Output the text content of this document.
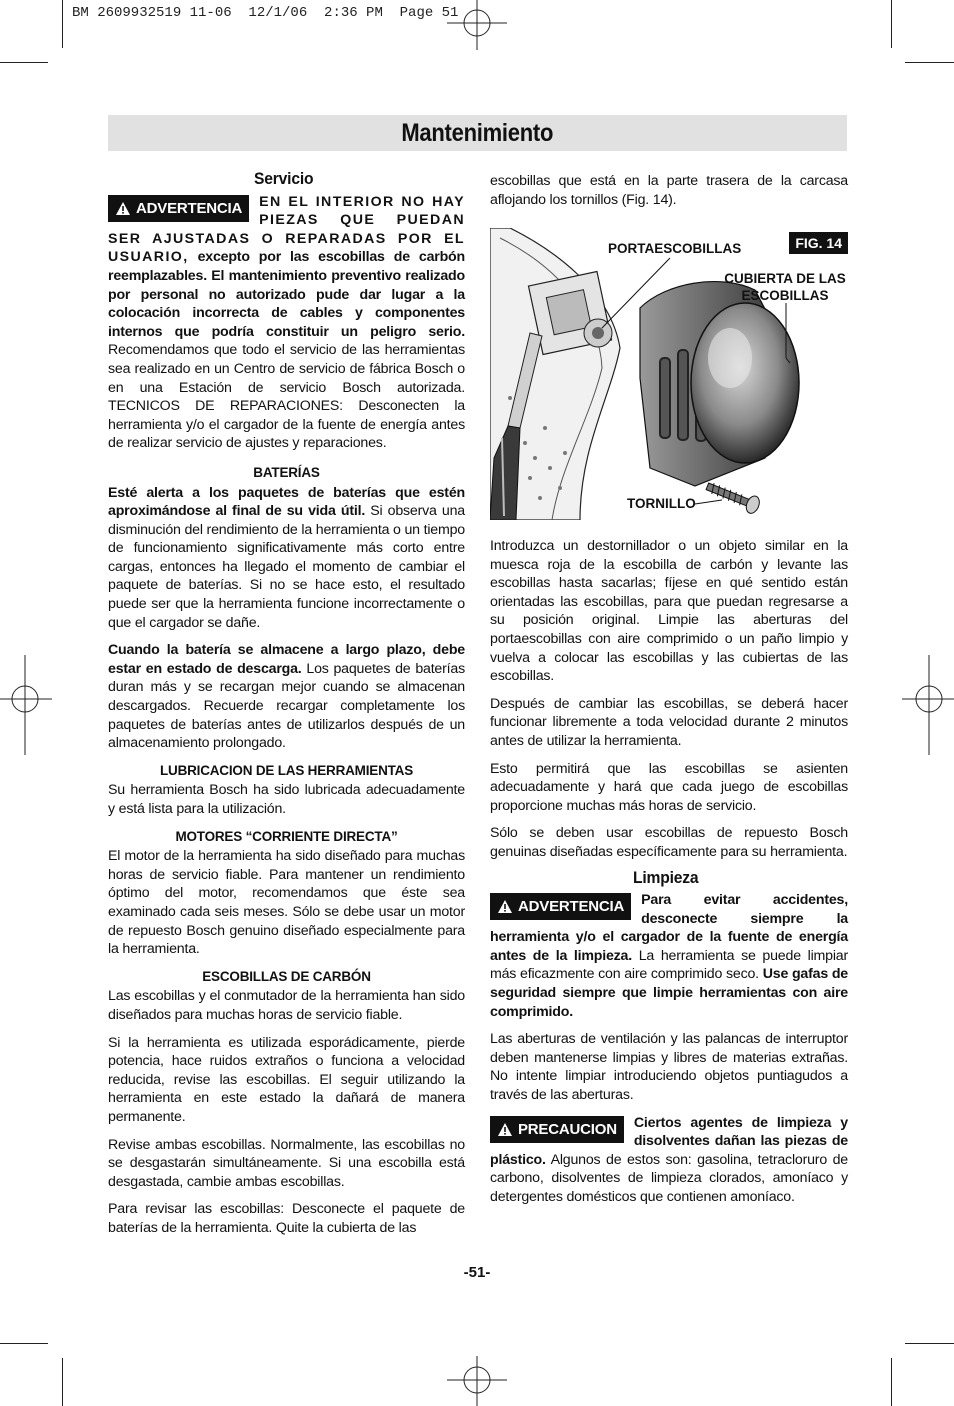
BM 2609932519 11-06  12/1/06  2:36 PM  Page 51
Mantenimiento
Servicio

ADVERTENCIA EN EL INTERIOR NO HAY PIEZAS QUE PUEDAN SER AJUSTADAS O REPARADAS POR EL USUARIO, excepto por las escobillas de carbón reemplazables. El mantenimiento preventivo realizado por personal no autorizado pude dar lugar a la colocación incorrecta de cables y componentes internos que podría constituir un peligro serio. Recomendamos que todo el servicio de las herramientas sea realizado en un Centro de servicio de fábrica Bosch o en una Estación de servicio Bosch autorizada. TECNICOS DE REPARACIONES: Desconecten la herramienta y/o el cargador de la fuente de energía antes de realizar servicio de ajustes y reparaciones.

BATERÍAS

Esté alerta a los paquetes de baterías que estén aproximándose al final de su vida útil. Si observa una disminución del rendimiento de la herramienta o un tiempo de funcionamiento significativamente más corto entre cargas, entonces ha llegado el momento de cambiar el paquete de baterías. Si no se hace esto, el resultado puede ser que la herramienta funcione incorrectamente o que el cargador se dañe.

Cuando la batería se almacene a largo plazo, debe estar en estado de descarga. Los paquetes de baterías duran más y se recargan mejor cuando se almacenan descargados. Recuerde recargar completamente los paquetes de baterías antes de utilizarlos después de un almacenamiento prolongado.

LUBRICACION DE LAS HERRAMIENTAS

Su herramienta Bosch ha sido lubricada adecuadamente y está lista para la utilización.

MOTORES “CORRIENTE DIRECTA”

El motor de la herramienta ha sido diseñado para muchas horas de servicio fiable. Para mantener un rendimiento óptimo del motor, recomendamos que éste sea examinado cada seis meses. Sólo se debe usar un motor de repuesto Bosch genuino diseñado especialmente para la herramienta.

ESCOBILLAS DE CARBÓN

Las escobillas y el conmutador de la herramienta han sido diseñados para muchas horas de servicio fiable.

Si la herramienta es utilizada esporádicamente, pierde potencia, hace ruidos extraños o funciona a velocidad reducida, revise las escobillas. El seguir utilizando la herramienta en este estado la dañará de manera permanente.

Revise ambas escobillas. Normalmente, las escobillas no se desgastarán simultáneamente. Si una escobilla está desgastada, cambie ambas escobillas.

Para revisar las escobillas: Desconecte el paquete de baterías de la herramienta. Quite la cubierta de las

escobillas que está en la parte trasera de la carcasa aflojando los tornillos (Fig. 14).

FIG. 14
PORTAESCOBILLAS
CUBIERTA DE LAS
ESCOBILLAS
TORNILLO

Introduzca un destornillador o un objeto similar en la muesca roja de la escobilla de carbón y levante las escobillas hasta sacarlas; fíjese en qué sentido están orientadas las escobillas, para que puedan regresarse a su posición original. Limpie las aberturas del portaescobillas con aire comprimido o un paño limpio y vuelva a colocar las escobillas y las cubiertas de las escobillas.

Después de cambiar las escobillas, se deberá hacer funcionar libremente a toda velocidad durante 2 minutos antes de utilizar la herramienta.

Esto permitirá que las escobillas se asienten adecuadamente y hará que cada juego de escobillas proporcione muchas más horas de servicio.

Sólo se deben usar escobillas de repuesto Bosch genuinas diseñadas específicamente para su herramienta.

Limpieza

ADVERTENCIA Para evitar accidentes, desconecte siempre la herramienta y/o el cargador de la fuente de energía antes de la limpieza. La herramienta se puede limpiar más eficazmente con aire comprimido seco. Use gafas de seguridad siempre que limpie herramientas con aire comprimido.

Las aberturas de ventilación y las palancas de interruptor deben mantenerse limpias y libres de materias extrañas. No intente limpiar introduciendo objetos puntiagudos a través de las aberturas.

PRECAUCION Ciertos agentes de limpieza y disolventes dañan las piezas de plástico. Algunos de estos son: gasolina, tetracloruro de carbono, disolventes de limpieza clorados, amoníaco y detergentes domésticos que contienen amoníaco.

-51-
